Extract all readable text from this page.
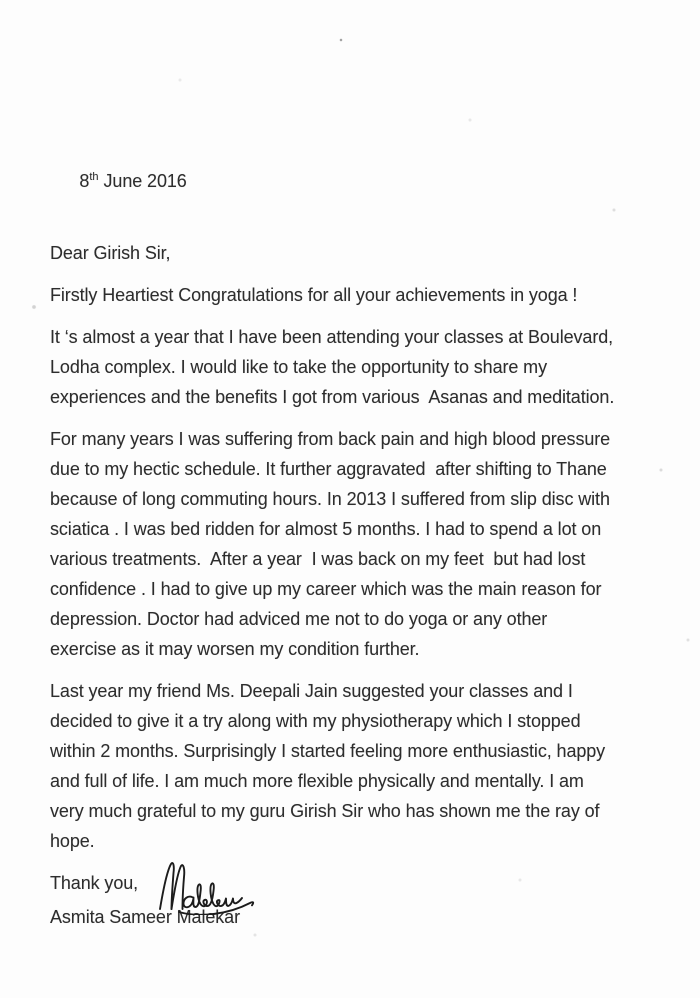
8th June 2016

Dear Girish Sir,
Firstly Heartiest Congratulations for all your achievements in yoga !
It ‘s almost a year that I have been attending your classes at Boulevard,
Lodha complex. I would like to take the opportunity to share my
experiences and the benefits I got from various  Asanas and meditation.
For many years I was suffering from back pain and high blood pressure
due to my hectic schedule. It further aggravated  after shifting to Thane
because of long commuting hours. In 2013 I suffered from slip disc with
sciatica . I was bed ridden for almost 5 months. I had to spend a lot on
various treatments.  After a year  I was back on my feet  but had lost
confidence . I had to give up my career which was the main reason for
depression. Doctor had adviced me not to do yoga or any other
exercise as it may worsen my condition further.
Last year my friend Ms. Deepali Jain suggested your classes and I
decided to give it a try along with my physiotherapy which I stopped
within 2 months. Surprisingly I started feeling more enthusiastic, happy
and full of life. I am much more flexible physically and mentally. I am
very much grateful to my guru Girish Sir who has shown me the ray of
hope.
Thank you,
Asmita Sameer Malekar
